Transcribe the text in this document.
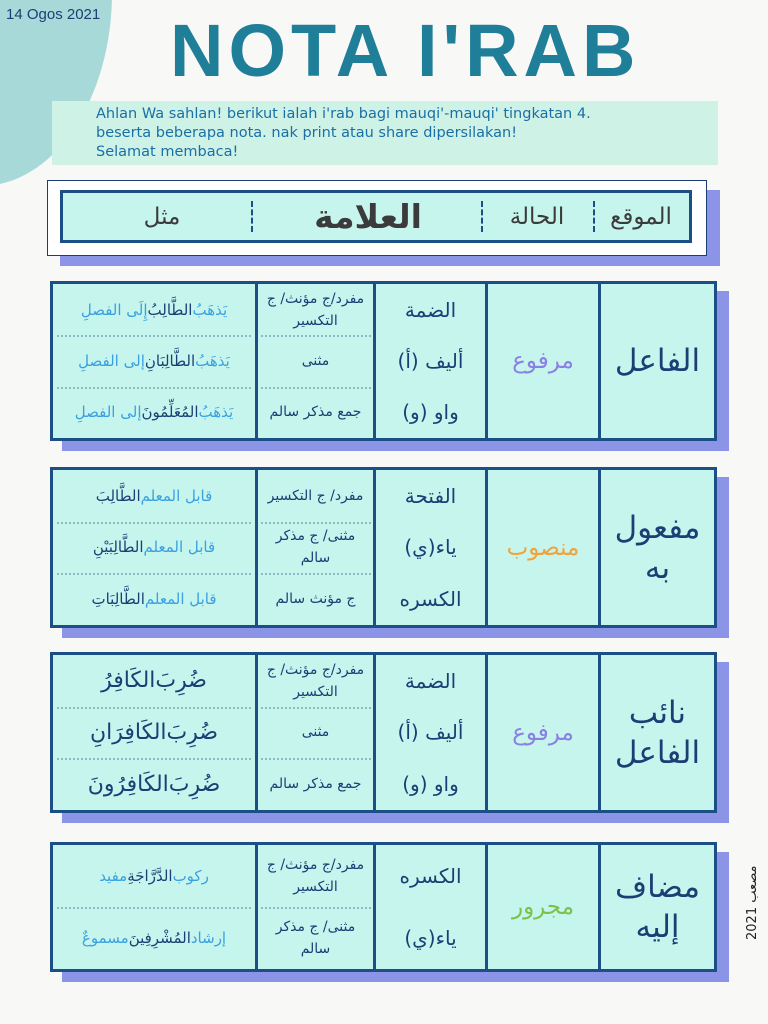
14 Ogos 2021 NOTA I'RAB
Ahlan Wa sahlan! berikut ialah i'rab bagi mauqi'-mauqi' tingkatan 4.
beserta beberapa nota. nak print atau share dipersilakan!
Selamat membaca!
الموقع
الحالة
العلامة
مثل
الفاعل
مرفوع
الضمة
أليف (أ)
واو (و)
مفرد/ج مؤنث/ ج التكسير
مثنى
جمع مذكر سالم
يَذهَبُ
الطَّالِبُ
إِلَى الفصلِ
يَذهَبُ
الطَّالِبَانِ
إلى الفصلِ
يَذهَبُ
المُعَلِّمُونَ
إلى الفصلِ
مفعول به
منصوب
الفتحة
ياء(ي)
الكسره
مفرد/ ج التكسير
مثنى/ ج مذكر سالم
ج مؤنث سالم
قابل المعلم
الطَّالِبَ
قابل المعلم
الطَّالِبَيْنِ
قابل المعلم
الطَّالِبَاتِ
نائب الفاعل
مرفوع
الضمة
أليف (أ)
واو (و)
مفرد/ج مؤنث/ ج التكسير
مثنى
جمع مذكر سالم
ضُرِبَ
الكَافِرُ
ضُرِبَ
الكَافِرَانِ
ضُرِبَ
الكَافِرُونَ
مضاف إليه
مجرور
الكسره
ياء(ي)
مفرد/ج مؤنث/ ج التكسير
مثنى/ ج مذكر سالم
ركوب
الدَّرَّاجَةِ
مفيد
إرشاد
المُشْرِفِينَ
مسموعٌ	مصعب 2021
